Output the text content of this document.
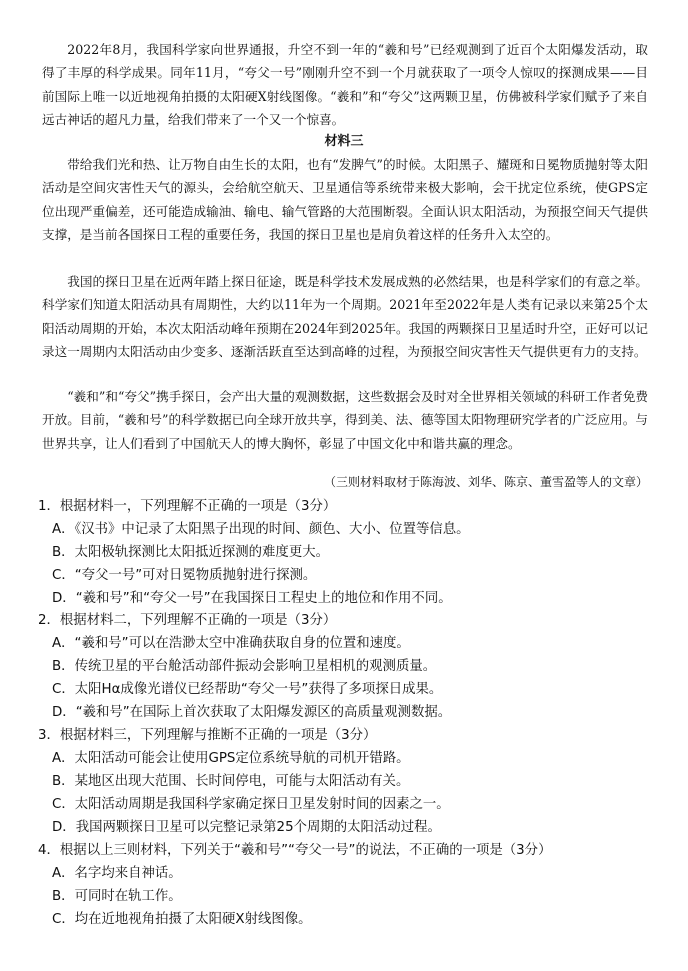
2022年8月，我国科学家向世界通报，升空不到一年的“羲和号”已经观测到了近百个太阳爆发活动，取得了丰厚的科学成果。同年11月，“夸父一号”刚刚升空不到一个月就获取了一项令人惊叹的探测成果——目前国际上唯一以近地视角拍摄的太阳硬X射线图像。“羲和”和“夸父”这两颗卫星，仿佛被科学家们赋予了来自远古神话的超凡力量，给我们带来了一个又一个惊喜。

材料三

带给我们光和热、让万物自由生长的太阳，也有“发脾气”的时候。太阳黑子、耀斑和日冕物质抛射等太阳活动是空间灾害性天气的源头，会给航空航天、卫星通信等系统带来极大影响，会干扰定位系统，使GPS定位出现严重偏差，还可能造成输油、输电、输气管路的大范围断裂。全面认识太阳活动，为预报空间天气提供支撑，是当前各国探日工程的重要任务，我国的探日卫星也是肩负着这样的任务升入太空的。

我国的探日卫星在近两年踏上探日征途，既是科学技术发展成熟的必然结果，也是科学家们的有意之举。科学家们知道太阳活动具有周期性，大约以11年为一个周期。2021年至2022年是人类有记录以来第25个太阳活动周期的开始，本次太阳活动峰年预期在2024年到2025年。我国的两颗探日卫星适时升空，正好可以记录这一周期内太阳活动由少变多、逐渐活跃直至达到高峰的过程，为预报空间灾害性天气提供更有力的支持。

“羲和”和“夸父”携手探日，会产出大量的观测数据，这些数据会及时对全世界相关领域的科研工作者免费开放。目前，“羲和号”的科学数据已向全球开放共享，得到美、法、德等国太阳物理研究学者的广泛应用。与世界共享，让人们看到了中国航天人的博大胸怀，彰显了中国文化中和谐共赢的理念。

（三则材料取材于陈海波、刘华、陈京、董雪盈等人的文章）

1．根据材料一，下列理解不正确的一项是（3分）

A．《汉书》中记录了太阳黑子出现的时间、颜色、大小、位置等信息。

B．太阳极轨探测比太阳抵近探测的难度更大。

C．“夸父一号”可对日冕物质抛射进行探测。

D．“羲和号”和“夸父一号”在我国探日工程史上的地位和作用不同。

2．根据材料二，下列理解不正确的一项是（3分）

A．“羲和号”可以在浩渺太空中准确获取自身的位置和速度。

B．传统卫星的平台舱活动部件振动会影响卫星相机的观测质量。

C．太阳Hα成像光谱仪已经帮助“夸父一号”获得了多项探日成果。

D．“羲和号”在国际上首次获取了太阳爆发源区的高质量观测数据。

3．根据材料三，下列理解与推断不正确的一项是（3分）

A．太阳活动可能会让使用GPS定位系统导航的司机开错路。

B．某地区出现大范围、长时间停电，可能与太阳活动有关。

C．太阳活动周期是我国科学家确定探日卫星发射时间的因素之一。

D．我国两颗探日卫星可以完整记录第25个周期的太阳活动过程。

4．根据以上三则材料，下列关于“羲和号”“夸父一号”的说法，不正确的一项是（3分）

A．名字均来自神话。

B．可同时在轨工作。

C．均在近地视角拍摄了太阳硬X射线图像。
